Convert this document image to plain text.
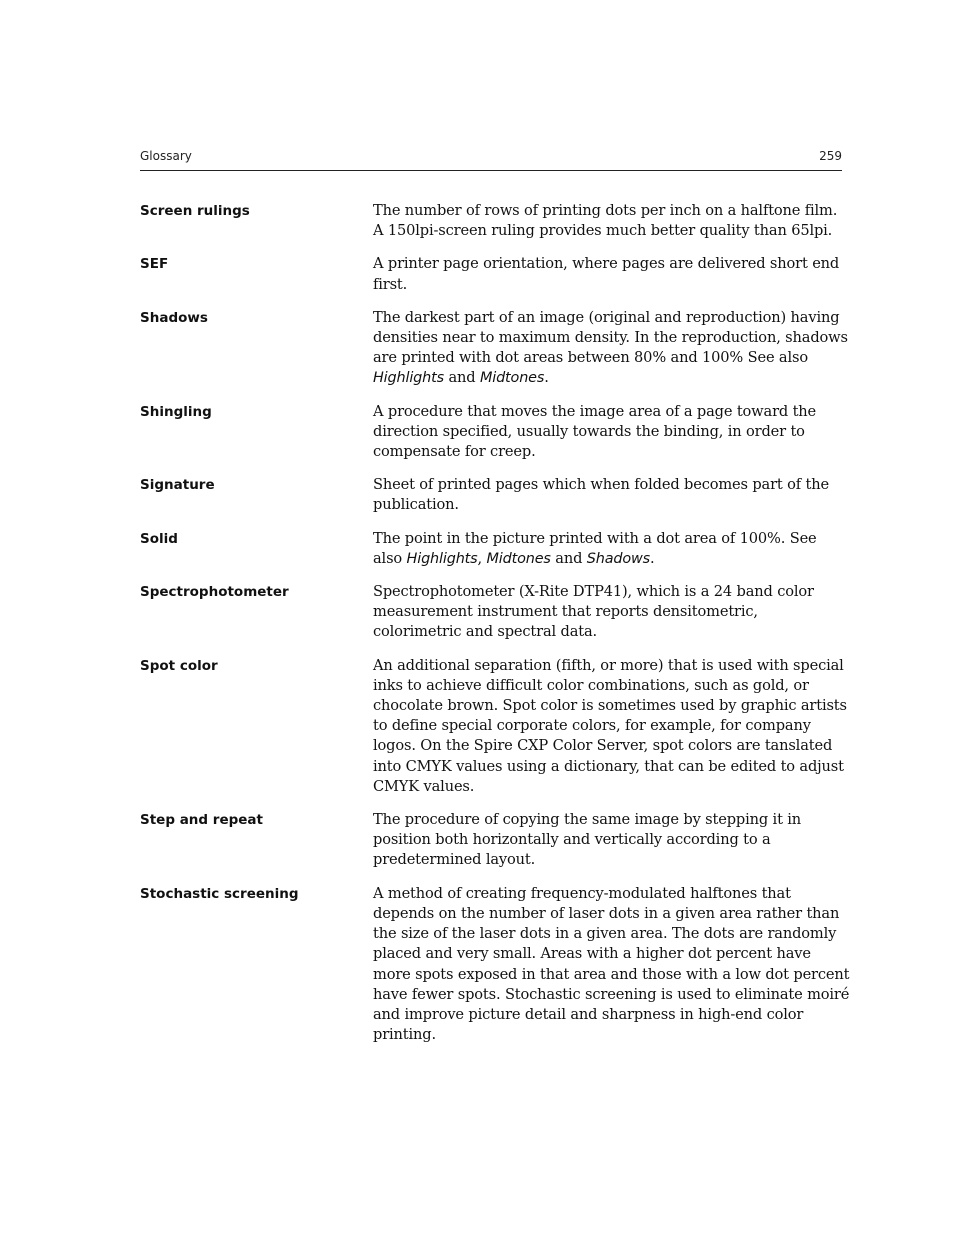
Glossary	259
Screen rulings	The number of rows of printing dots per inch on a halftone film. A 150lpi-screen ruling provides much better quality than 65lpi.
SEF	A printer page orientation, where pages are delivered short end first.
Shadows	The darkest part of an image (original and reproduction) having densities near to maximum density. In the reproduction, shadows are printed with dot areas between 80% and 100% See also Highlights and Midtones.
Shingling	A procedure that moves the image area of a page toward the direction specified, usually towards the binding, in order to compensate for creep.
Signature	Sheet of printed pages which when folded becomes part of the publication.
Solid	The point in the picture printed with a dot area of 100%. See also Highlights, Midtones and Shadows.
Spectrophotometer	Spectrophotometer (X-Rite DTP41), which is a 24 band color measurement instrument that reports densitometric, colorimetric and spectral data.
Spot color	An additional separation (fifth, or more) that is used with special inks to achieve difficult color combinations, such as gold, or chocolate brown. Spot color is sometimes used by graphic artists to define special corporate colors, for example, for company logos. On the Spire CXP Color Server, spot colors are tanslated into CMYK values using a dictionary, that can be edited to adjust CMYK values.
Step and repeat	The procedure of copying the same image by stepping it in position both horizontally and vertically according to a predetermined layout.
Stochastic screening	A method of creating frequency-modulated halftones that depends on the number of laser dots in a given area rather than the size of the laser dots in a given area. The dots are randomly placed and very small. Areas with a higher dot percent have more spots exposed in that area and those with a low dot percent have fewer spots. Stochastic screening is used to eliminate moiré and improve picture detail and sharpness in high-end color printing.
